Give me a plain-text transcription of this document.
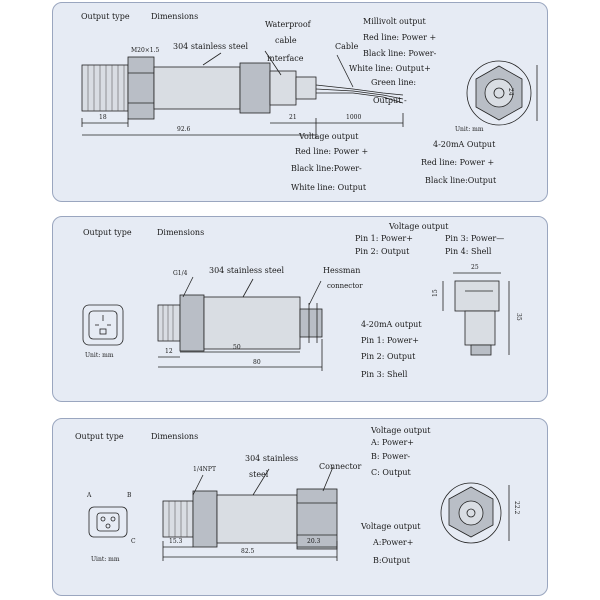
Output type	Dimensions
M20×1.5 304 stainless steel
Waterproof
cable
interface
Cable
18
92.6
21	1000
24
Unit: mm
Millivolt output
Red line: Power +
Black line: Power-
White line: Output+
Green line:
Output -
Voltage output
Red line: Power +
Black line:Power-
White line: Output
4-20mA Output
Red line: Power +
Black line:Output
Output type	Dimensions
G1/4	304 stainless steel	Hessman
connector
12
50
80
25
15
35
Unit: mm
Voltage output
Pin 1: Power+	Pin 3: Power—
Pin 2: Output	Pin 4: Shell
4-20mA output
Pin 1: Power+
Pin 2: Output
Pin 3: Shell
Output type	Dimensions
1/4NPT
304 stainless
steel
Connector
A	B
C	15.3
82.5
20.3
22.2
Uint: mm
Voltage output
A: Power+
B: Power-
C: Output
Voltage output
A:Power+
B:Output
